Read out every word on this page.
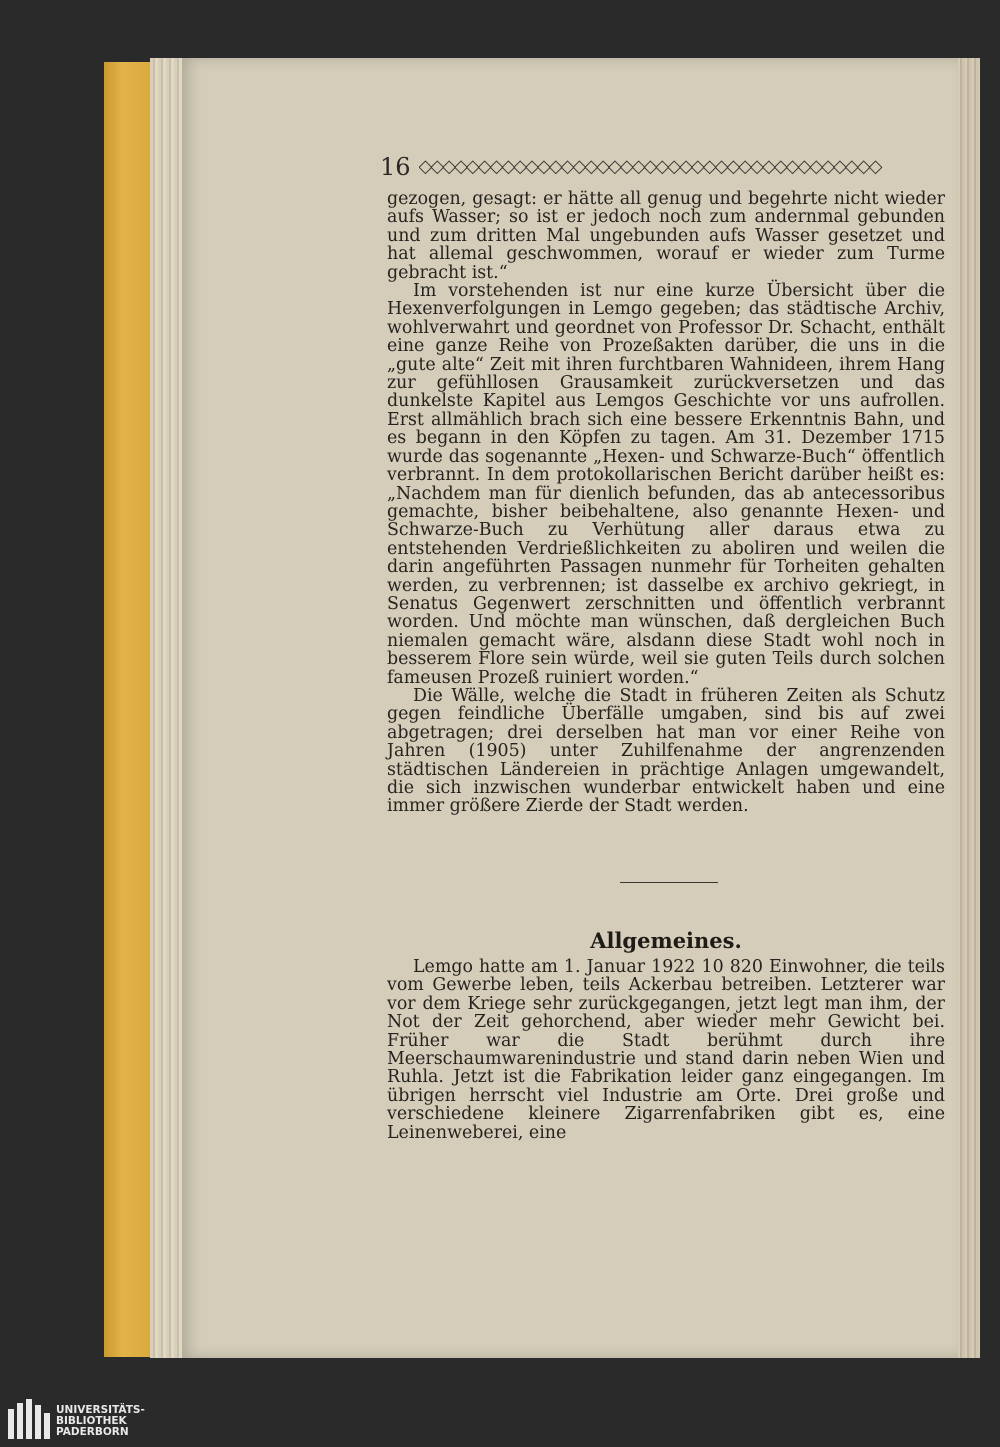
16 ◇◇◇◇◇◇◇◇◇◇◇◇◇◇◇◇◇◇◇◇◇◇◇◇◇◇◇◇◇◇◇◇◇◇◇◇◇◇◇

gezogen, gesagt: er hätte all genug und begehrte nicht wieder aufs Wasser; so ist er jedoch noch zum andernmal gebunden und zum dritten Mal ungebunden aufs Wasser gesetzet und hat allemal geschwommen, worauf er wieder zum Turme gebracht ist.“

Im vorstehenden ist nur eine kurze Übersicht über die Hexenverfolgungen in Lemgo gegeben; das städtische Archiv, wohlverwahrt und geordnet von Professor Dr. Schacht, enthält eine ganze Reihe von Prozeßakten darüber, die uns in die „gute alte“ Zeit mit ihren furchtbaren Wahnideen, ihrem Hang zur gefühllosen Grausamkeit zurückversetzen und das dunkelste Kapitel aus Lemgos Geschichte vor uns aufrollen. Erst allmählich brach sich eine bessere Erkenntnis Bahn, und es begann in den Köpfen zu tagen. Am 31. Dezember 1715 wurde das sogenannte „Hexen- und Schwarze-Buch“ öffentlich verbrannt. In dem protokollarischen Bericht darüber heißt es: „Nachdem man für dienlich befunden, das ab antecessoribus gemachte, bisher beibehaltene, also genannte Hexen- und Schwarze-Buch zu Verhütung aller daraus etwa zu entstehenden Verdrießlichkeiten zu aboliren und weilen die darin angeführten Passagen nunmehr für Torheiten gehalten werden, zu verbrennen; ist dasselbe ex archivo gekriegt, in Senatus Gegenwert zerschnitten und öffentlich verbrannt worden. Und möchte man wünschen, daß dergleichen Buch niemalen gemacht wäre, alsdann diese Stadt wohl noch in besserem Flore sein würde, weil sie guten Teils durch solchen fameusen Prozeß ruiniert worden.“

Die Wälle, welche die Stadt in früheren Zeiten als Schutz gegen feindliche Überfälle umgaben, sind bis auf zwei abgetragen; drei derselben hat man vor einer Reihe von Jahren (1905) unter Zuhilfenahme der angrenzenden städtischen Ländereien in prächtige Anlagen umgewandelt, die sich inzwischen wunderbar entwickelt haben und eine immer größere Zierde der Stadt werden.

Allgemeines.

Lemgo hatte am 1. Januar 1922 10 820 Einwohner, die teils vom Gewerbe leben, teils Ackerbau betreiben. Letzterer war vor dem Kriege sehr zurückgegangen, jetzt legt man ihm, der Not der Zeit gehorchend, aber wieder mehr Gewicht bei. Früher war die Stadt berühmt durch ihre Meerschaumwarenindustrie und stand darin neben Wien und Ruhla. Jetzt ist die Fabrikation leider ganz eingegangen. Im übrigen herrscht viel Industrie am Orte. Drei große und verschiedene kleinere Zigarrenfabriken gibt es, eine Leinenweberei, eine

UNIVERSITÄTS-
BIBLIOTHEK
PADERBORN
